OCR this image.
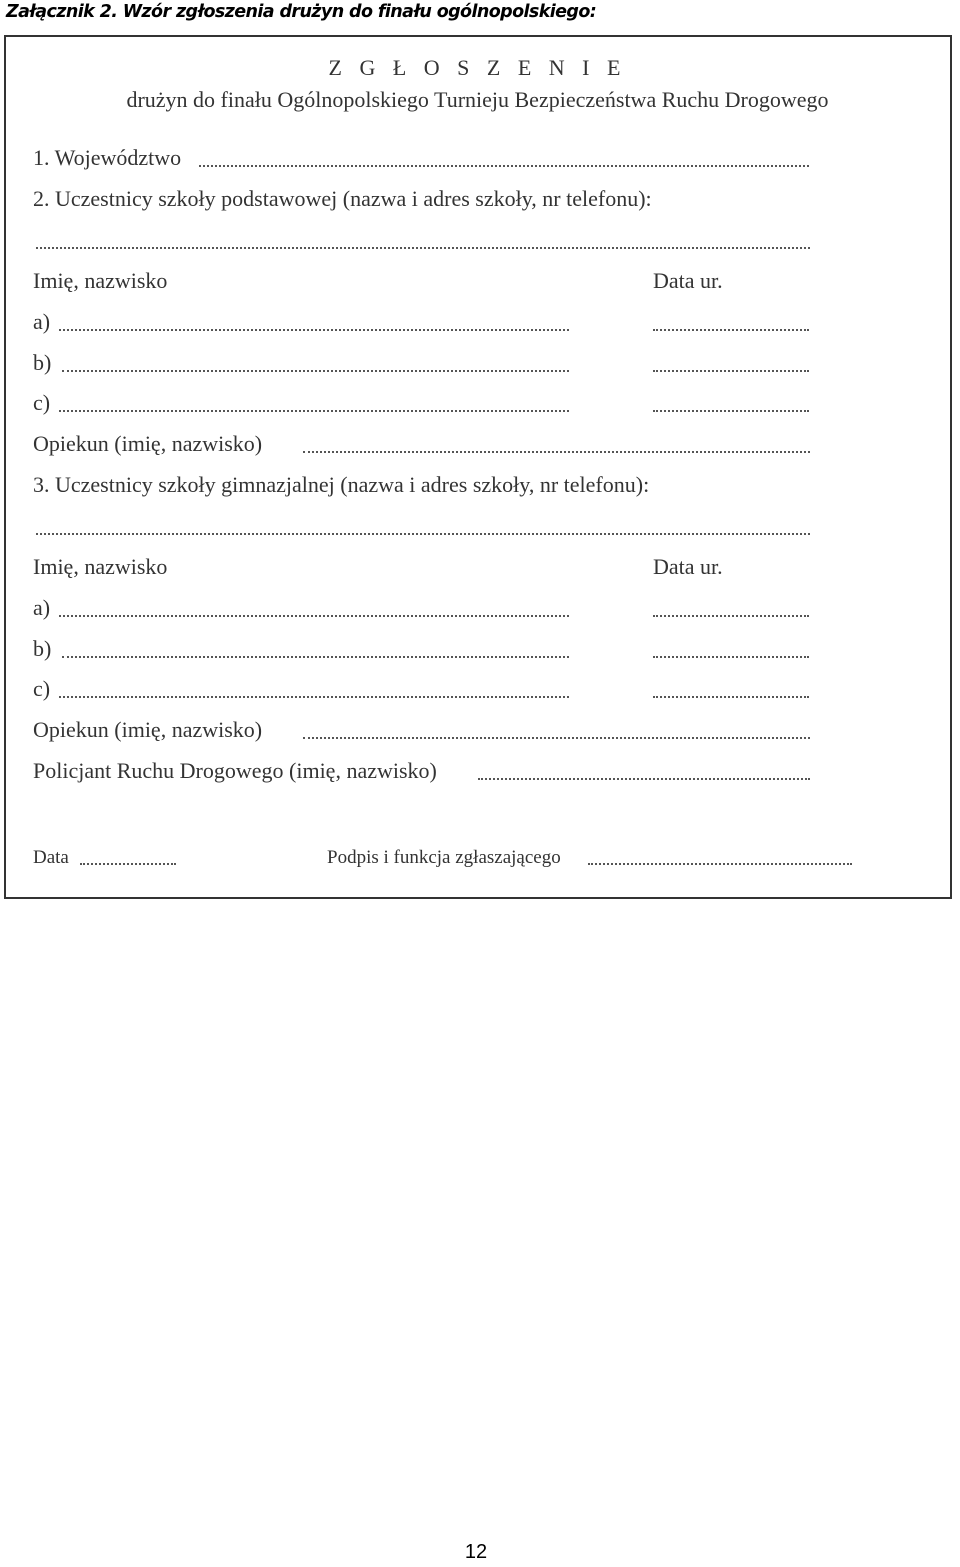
Załącznik 2. Wzór zgłoszenia drużyn do finału ogólnopolskiego:
Z G Ł O S Z E N I E
drużyn do finału Ogólnopolskiego Turnieju Bezpieczeństwa Ruchu Drogowego
1. Województwo
2. Uczestnicy szkoły podstawowej (nazwa i adres szkoły, nr telefonu):
Imię, nazwisko	Data ur.
a)
b)
c)
Opiekun (imię, nazwisko)
3. Uczestnicy szkoły gimnazjalnej (nazwa i adres szkoły, nr telefonu):
Imię, nazwisko	Data ur.
a)
b)
c)
Opiekun (imię, nazwisko)
Policjant Ruchu Drogowego (imię, nazwisko)
Data	Podpis i funkcja zgłaszającego
12
